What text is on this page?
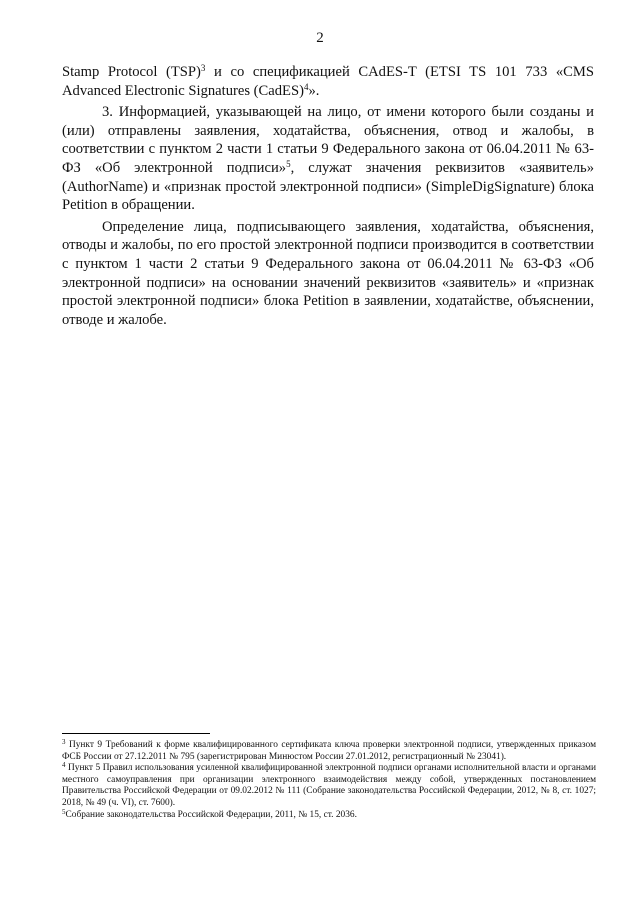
2

Stamp Protocol (TSP)$^3$ и со спецификацией CAdES-T (ETSI TS 101 733 «CMS Advanced Electronic Signatures (CadES)$^4$».

3. Информацией, указывающей на лицо, от имени которого были созданы и (или) отправлены заявления, ходатайства, объяснения, отвод и жалобы, в соответствии с пунктом 2 части 1 статьи 9 Федерального закона от 06.04.2011 № 63-ФЗ «Об электронной подписи»$^5$, служат значения реквизитов «заявитель» (AuthorName) и «признак простой электронной подписи» (SimpleDigSignature) блока Petition в обращении.

Определение лица, подписывающего заявления, ходатайства, объяснения, отводы и жалобы, по его простой электронной подписи производится в соответствии с пунктом 1 части 2 статьи 9 Федерального закона от 06.04.2011 № 63-ФЗ «Об электронной подписи» на основании значений реквизитов «заявитель» и «признак простой электронной подписи» блока Petition в заявлении, ходатайстве, объяснении, отводе и жалобе.

$^3$ Пункт 9 Требований к форме квалифицированного сертификата ключа проверки электронной подписи, утвержденных приказом ФСБ России от 27.12.2011 № 795 (зарегистрирован Минюстом России 27.01.2012, регистрационный № 23041).

$^4$ Пункт 5 Правил использования усиленной квалифицированной электронной подписи органами исполнительной власти и органами местного самоуправления при организации электронного взаимодействия между собой, утвержденных постановлением Правительства Российской Федерации от 09.02.2012 № 111 (Собрание законодательства Российской Федерации, 2012, № 8, ст. 1027; 2018, № 49 (ч. VI), ст. 7600).

$^5$Собрание законодательства Российской Федерации, 2011, № 15, ст. 2036.
